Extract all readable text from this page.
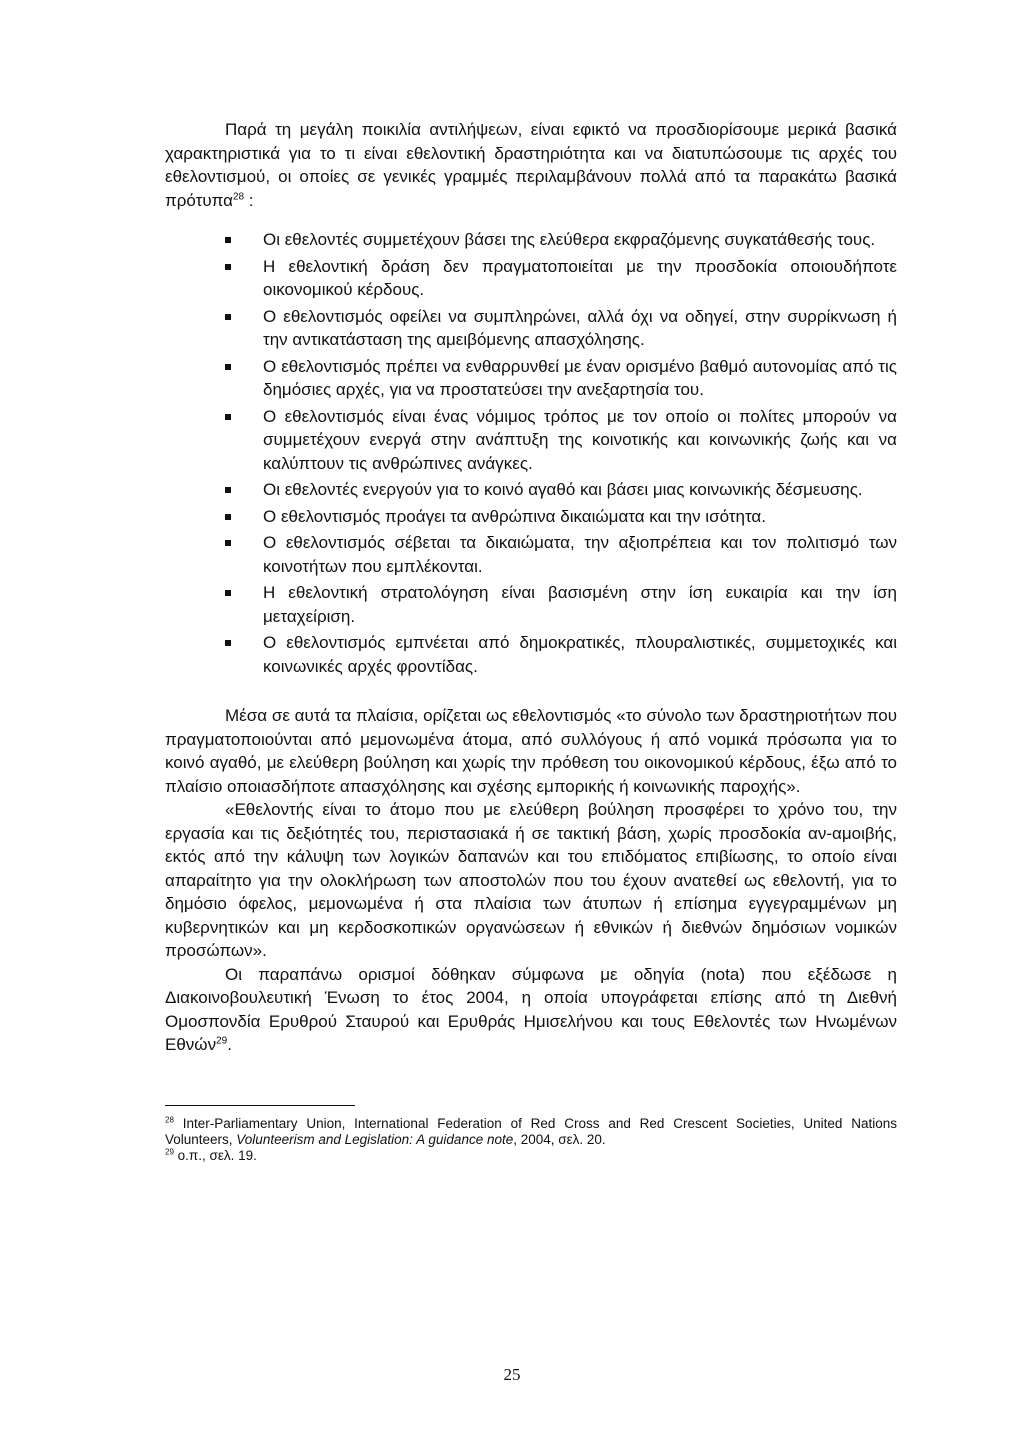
Παρά τη μεγάλη ποικιλία αντιλήψεων, είναι εφικτό να προσδιορίσουμε μερικά βασικά χαρακτηριστικά για το τι είναι εθελοντική δραστηριότητα και να διατυπώσουμε τις αρχές του εθελοντισμού, οι οποίες σε γενικές γραμμές περιλαμβάνουν πολλά από τα παρακάτω βασικά πρότυπα$^{28}$ :

Οι εθελοντές συμμετέχουν βάσει της ελεύθερα εκφραζόμενης συγκατάθεσής τους.
Η εθελοντική δράση δεν πραγματοποιείται με την προσδοκία οποιουδήποτε οικονομικού κέρδους.
Ο εθελοντισμός οφείλει να συμπληρώνει, αλλά όχι να οδηγεί, στην συρρίκνωση ή την αντικατάσταση της αμειβόμενης απασχόλησης.
Ο εθελοντισμός πρέπει να ενθαρρυνθεί με έναν ορισμένο βαθμό αυτονομίας από τις δημόσιες αρχές, για να προστατεύσει την ανεξαρτησία του.
Ο εθελοντισμός είναι ένας νόμιμος τρόπος με τον οποίο οι πολίτες μπορούν να συμμετέχουν ενεργά στην ανάπτυξη της κοινοτικής και κοινωνικής ζωής και να καλύπτουν τις ανθρώπινες ανάγκες.
Οι εθελοντές ενεργούν για το κοινό αγαθό και βάσει μιας κοινωνικής δέσμευσης.
Ο εθελοντισμός προάγει τα ανθρώπινα δικαιώματα και την ισότητα.
Ο εθελοντισμός σέβεται τα δικαιώματα, την αξιοπρέπεια και τον πολιτισμό των κοινοτήτων που εμπλέκονται.
Η εθελοντική στρατολόγηση είναι βασισμένη στην ίση ευκαιρία και την ίση μεταχείριση.
Ο εθελοντισμός εμπνέεται από δημοκρατικές, πλουραλιστικές, συμμετοχικές και κοινωνικές αρχές φροντίδας.

Μέσα σε αυτά τα πλαίσια, ορίζεται ως εθελοντισμός «το σύνολο των δραστηριοτήτων που πραγματοποιούνται από μεμονωμένα άτομα, από συλλόγους ή από νομικά πρόσωπα για το κοινό αγαθό, με ελεύθερη βούληση και χωρίς την πρόθεση του οικονομικού κέρδους, έξω από το πλαίσιο οποιασδήποτε απασχόλησης και σχέσης εμπορικής ή κοινωνικής παροχής».

«Εθελοντής είναι το άτομο που με ελεύθερη βούληση προσφέρει το χρόνο του, την εργασία και τις δεξιότητές του, περιστασιακά ή σε τακτική βάση, χωρίς προσδοκία αν-αμοιβής, εκτός από την κάλυψη των λογικών δαπανών και του επιδόματος επιβίωσης, το οποίο είναι απαραίτητο για την ολοκλήρωση των αποστολών που του έχουν ανατεθεί ως εθελοντή, για το δημόσιο όφελος, μεμονωμένα ή στα πλαίσια των άτυπων ή επίσημα εγγεγραμμένων μη κυβερνητικών και μη κερδοσκοπικών οργανώσεων ή εθνικών ή διεθνών δημόσιων νομικών προσώπων».

Οι παραπάνω ορισμοί δόθηκαν σύμφωνα με οδηγία (nota) που εξέδωσε η Διακοινοβουλευτική Ένωση το έτος 2004, η οποία υπογράφεται επίσης από τη Διεθνή Ομοσπονδία Ερυθρού Σταυρού και Ερυθράς Ημισελήνου και τους Εθελοντές των Ηνωμένων Εθνών$^{29}$.

$^{28}$ Inter-Parliamentary Union, International Federation of Red Cross and Red Crescent Societies, United Nations Volunteers, Volunteerism and Legislation: A guidance note, 2004, σελ. 20.

$^{29}$ ο.π., σελ. 19.

25
